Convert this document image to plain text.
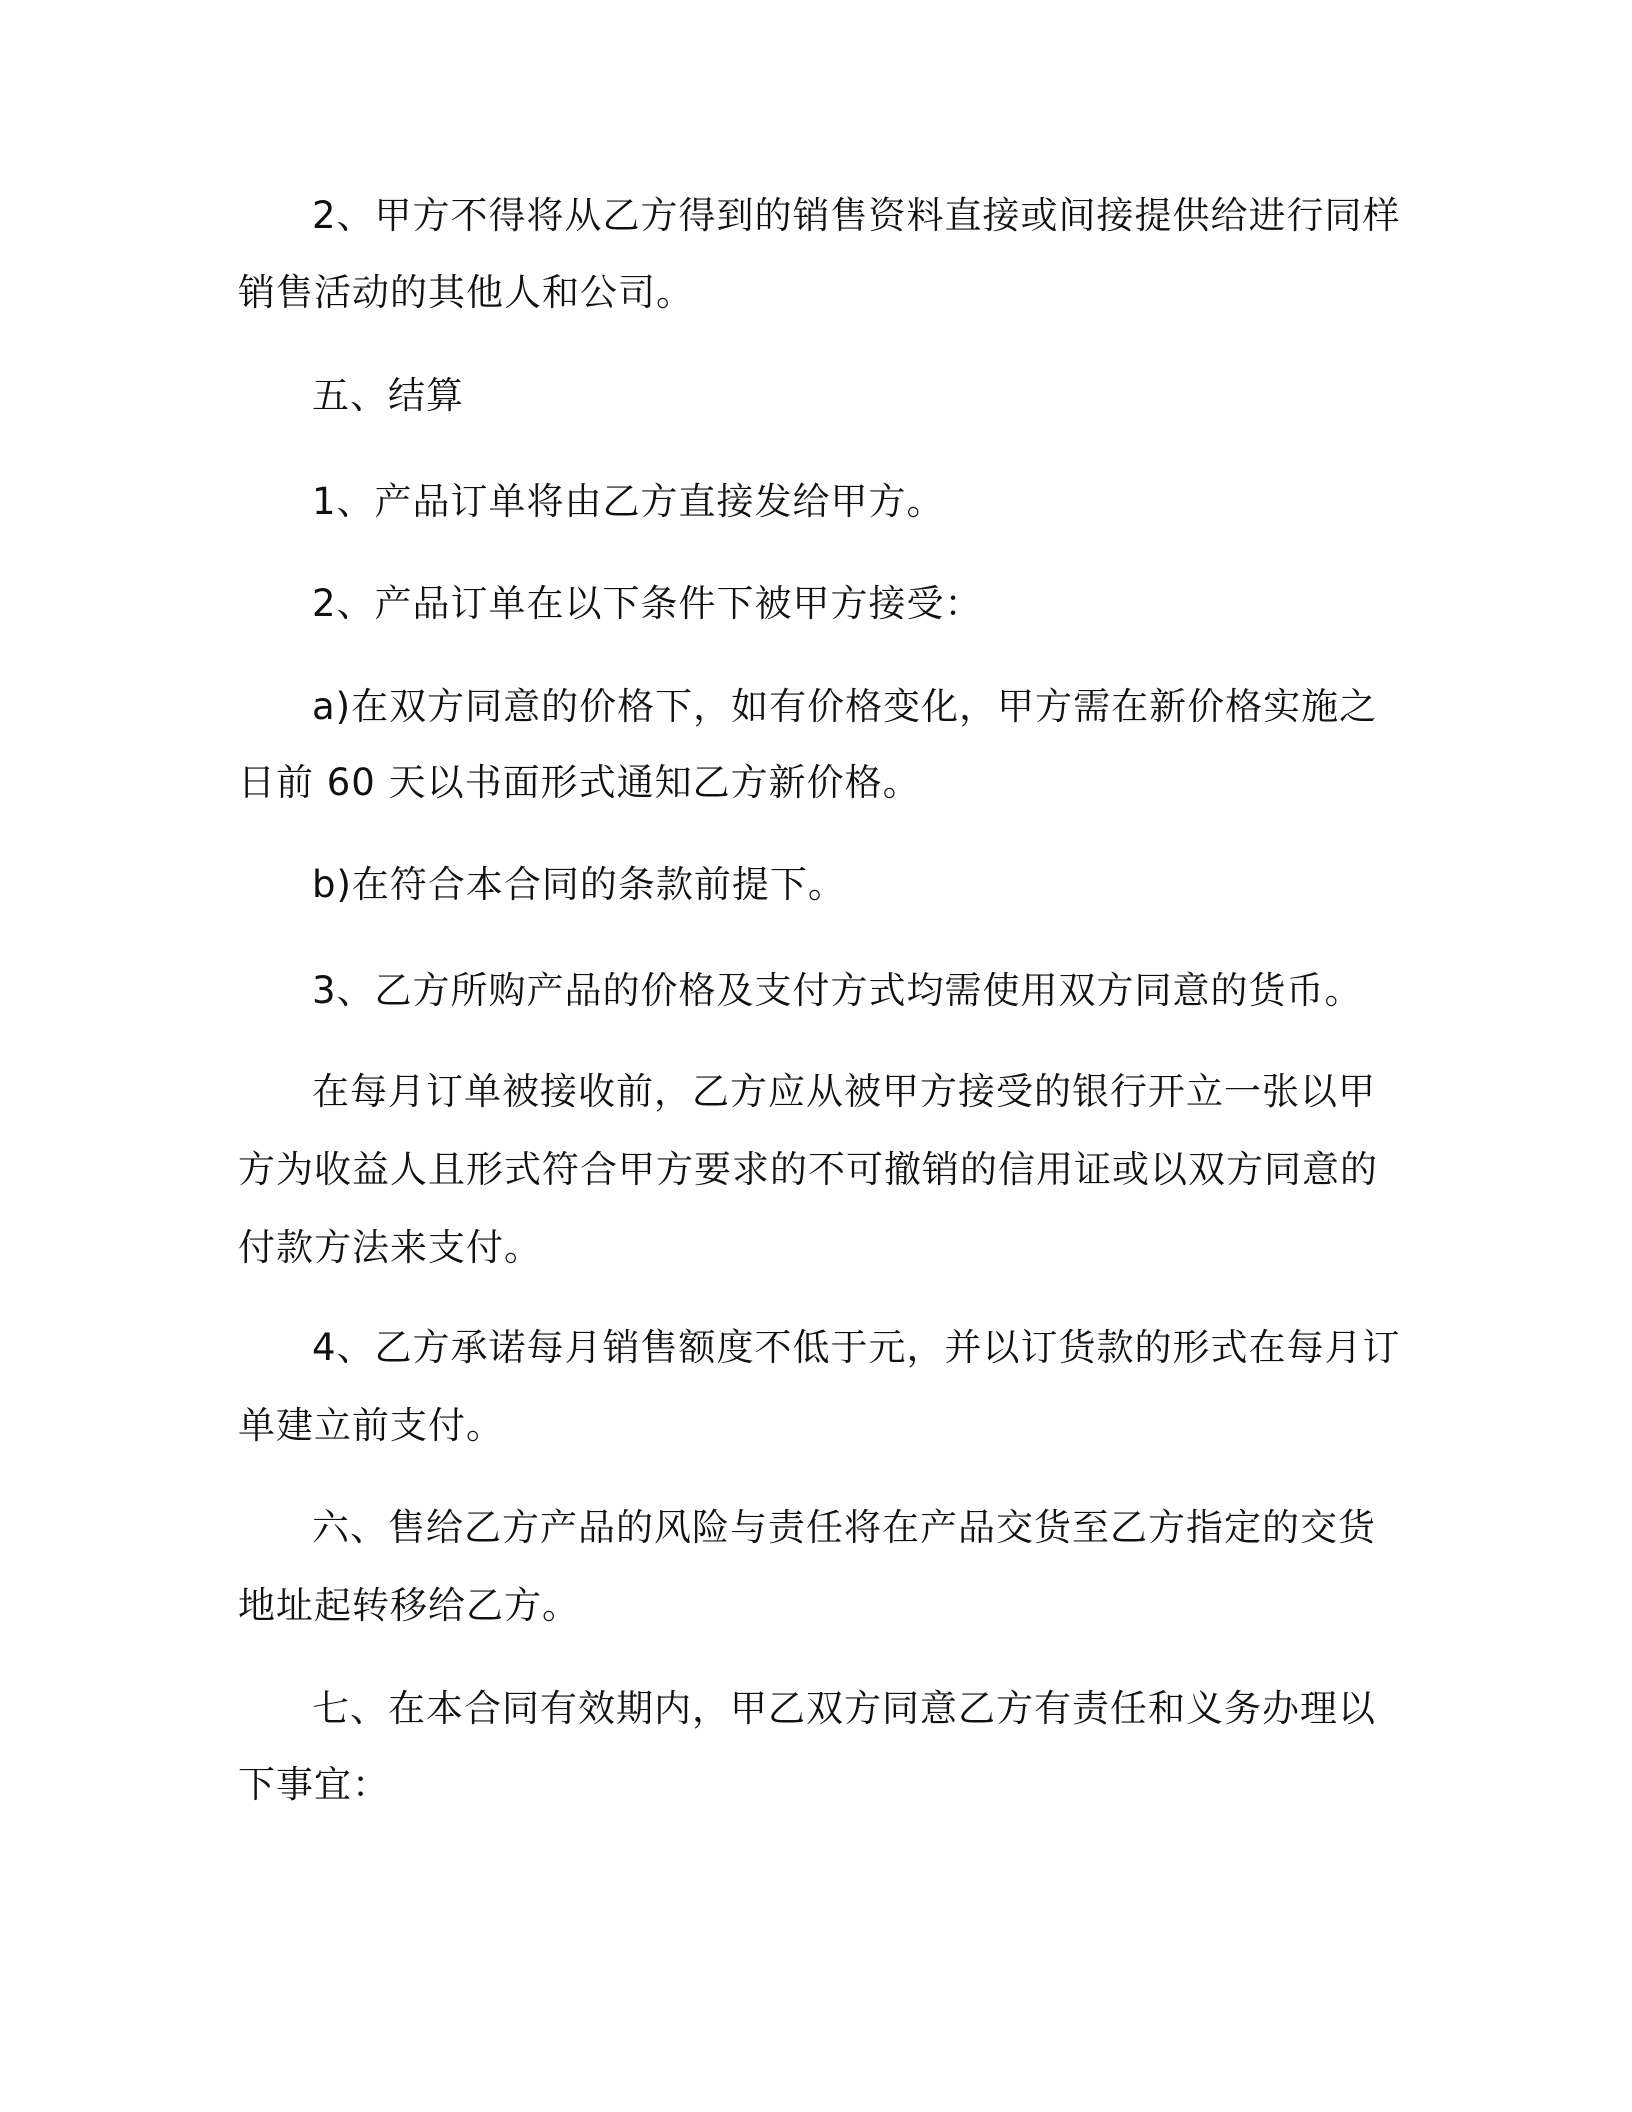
2、甲方不得将从乙方得到的销售资料直接或间接提供给进行同样
销售活动的其他人和公司。
五、结算
1、产品订单将由乙方直接发给甲方。
2、产品订单在以下条件下被甲方接受：
a)在双方同意的价格下，如有价格变化，甲方需在新价格实施之
日前 60 天以书面形式通知乙方新价格。
b)在符合本合同的条款前提下。
3、乙方所购产品的价格及支付方式均需使用双方同意的货币。
在每月订单被接收前，乙方应从被甲方接受的银行开立一张以甲
方为收益人且形式符合甲方要求的不可撤销的信用证或以双方同意的
付款方法来支付。
4、乙方承诺每月销售额度不低于元，并以订货款的形式在每月订
单建立前支付。
六、售给乙方产品的风险与责任将在产品交货至乙方指定的交货
地址起转移给乙方。
七、在本合同有效期内，甲乙双方同意乙方有责任和义务办理以
下事宜：
